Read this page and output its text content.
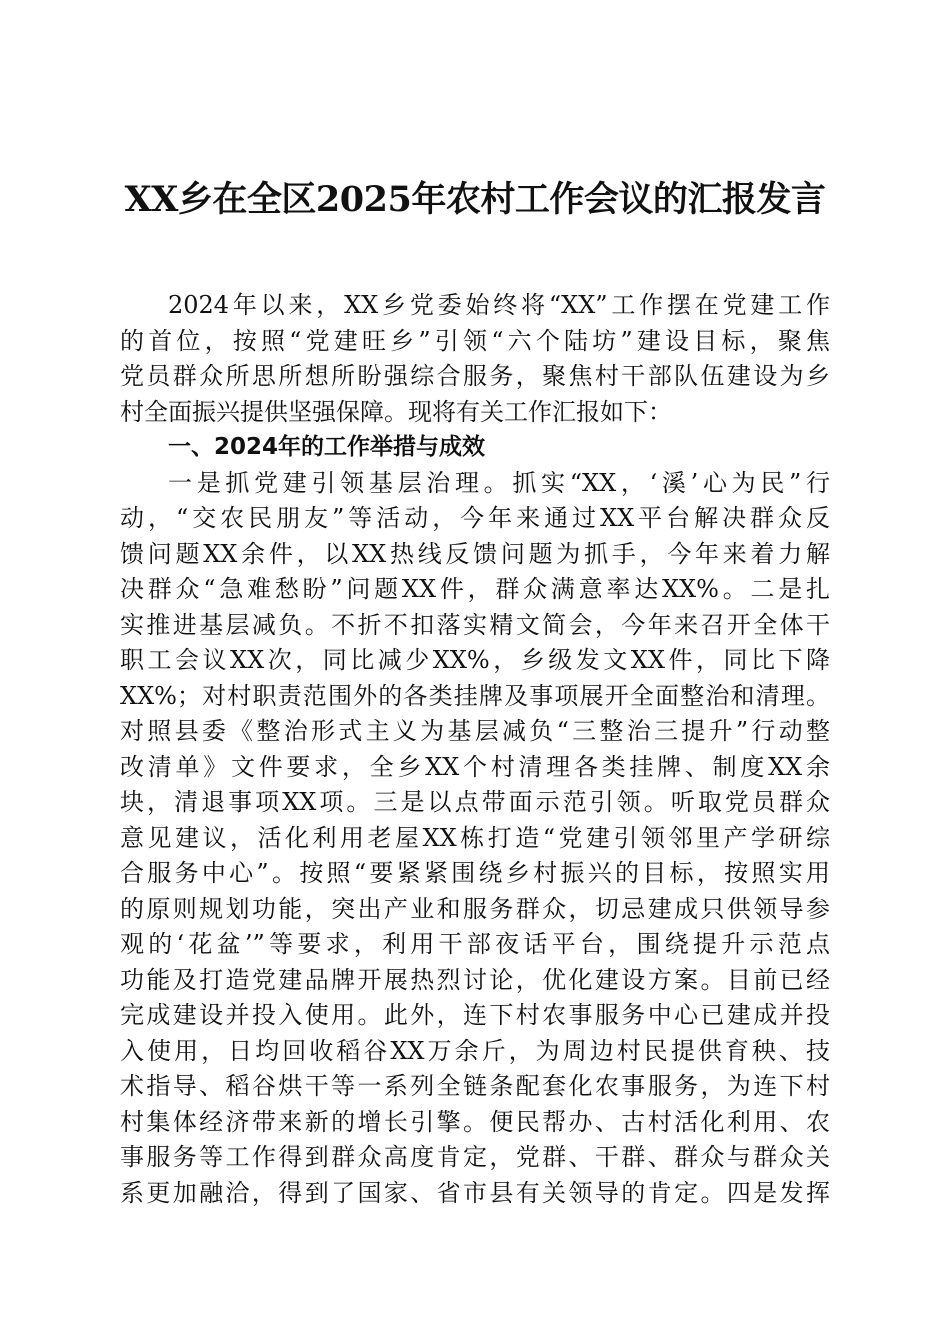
XX乡在全区2025年农村工作会议的汇报发言
2024年以来，XX乡党委始终将“XX”工作摆在党建工作
的首位，按照“党建旺乡”引领“六个陆坊”建设目标，聚焦
党员群众所思所想所盼强综合服务，聚焦村干部队伍建设为乡
村全面振兴提供坚强保障。现将有关工作汇报如下：
一、2024年的工作举措与成效
一是抓党建引领基层治理。抓实“XX，‘溪’心为民”行
动，“交农民朋友”等活动，今年来通过XX平台解决群众反
馈问题XX余件，以XX热线反馈问题为抓手，今年来着力解
决群众“急难愁盼”问题XX件，群众满意率达XX%。二是扎
实推进基层减负。不折不扣落实精文简会，今年来召开全体干
职工会议XX次，同比减少XX%，乡级发文XX件，同比下降
XX%；对村职责范围外的各类挂牌及事项展开全面整治和清理。
对照县委《整治形式主义为基层减负“三整治三提升”行动整
改清单》文件要求，全乡XX个村清理各类挂牌、制度XX余
块，清退事项XX项。三是以点带面示范引领。听取党员群众
意见建议，活化利用老屋XX栋打造“党建引领邻里产学研综
合服务中心”。按照“要紧紧围绕乡村振兴的目标，按照实用
的原则规划功能，突出产业和服务群众，切忌建成只供领导参
观的‘花盆’”等要求，利用干部夜话平台，围绕提升示范点
功能及打造党建品牌开展热烈讨论，优化建设方案。目前已经
完成建设并投入使用。此外，连下村农事服务中心已建成并投
入使用，日均回收稻谷XX万余斤，为周边村民提供育秧、技
术指导、稻谷烘干等一系列全链条配套化农事服务，为连下村
村集体经济带来新的增长引擎。便民帮办、古村活化利用、农
事服务等工作得到群众高度肯定，党群、干群、群众与群众关
系更加融洽，得到了国家、省市县有关领导的肯定。四是发挥
